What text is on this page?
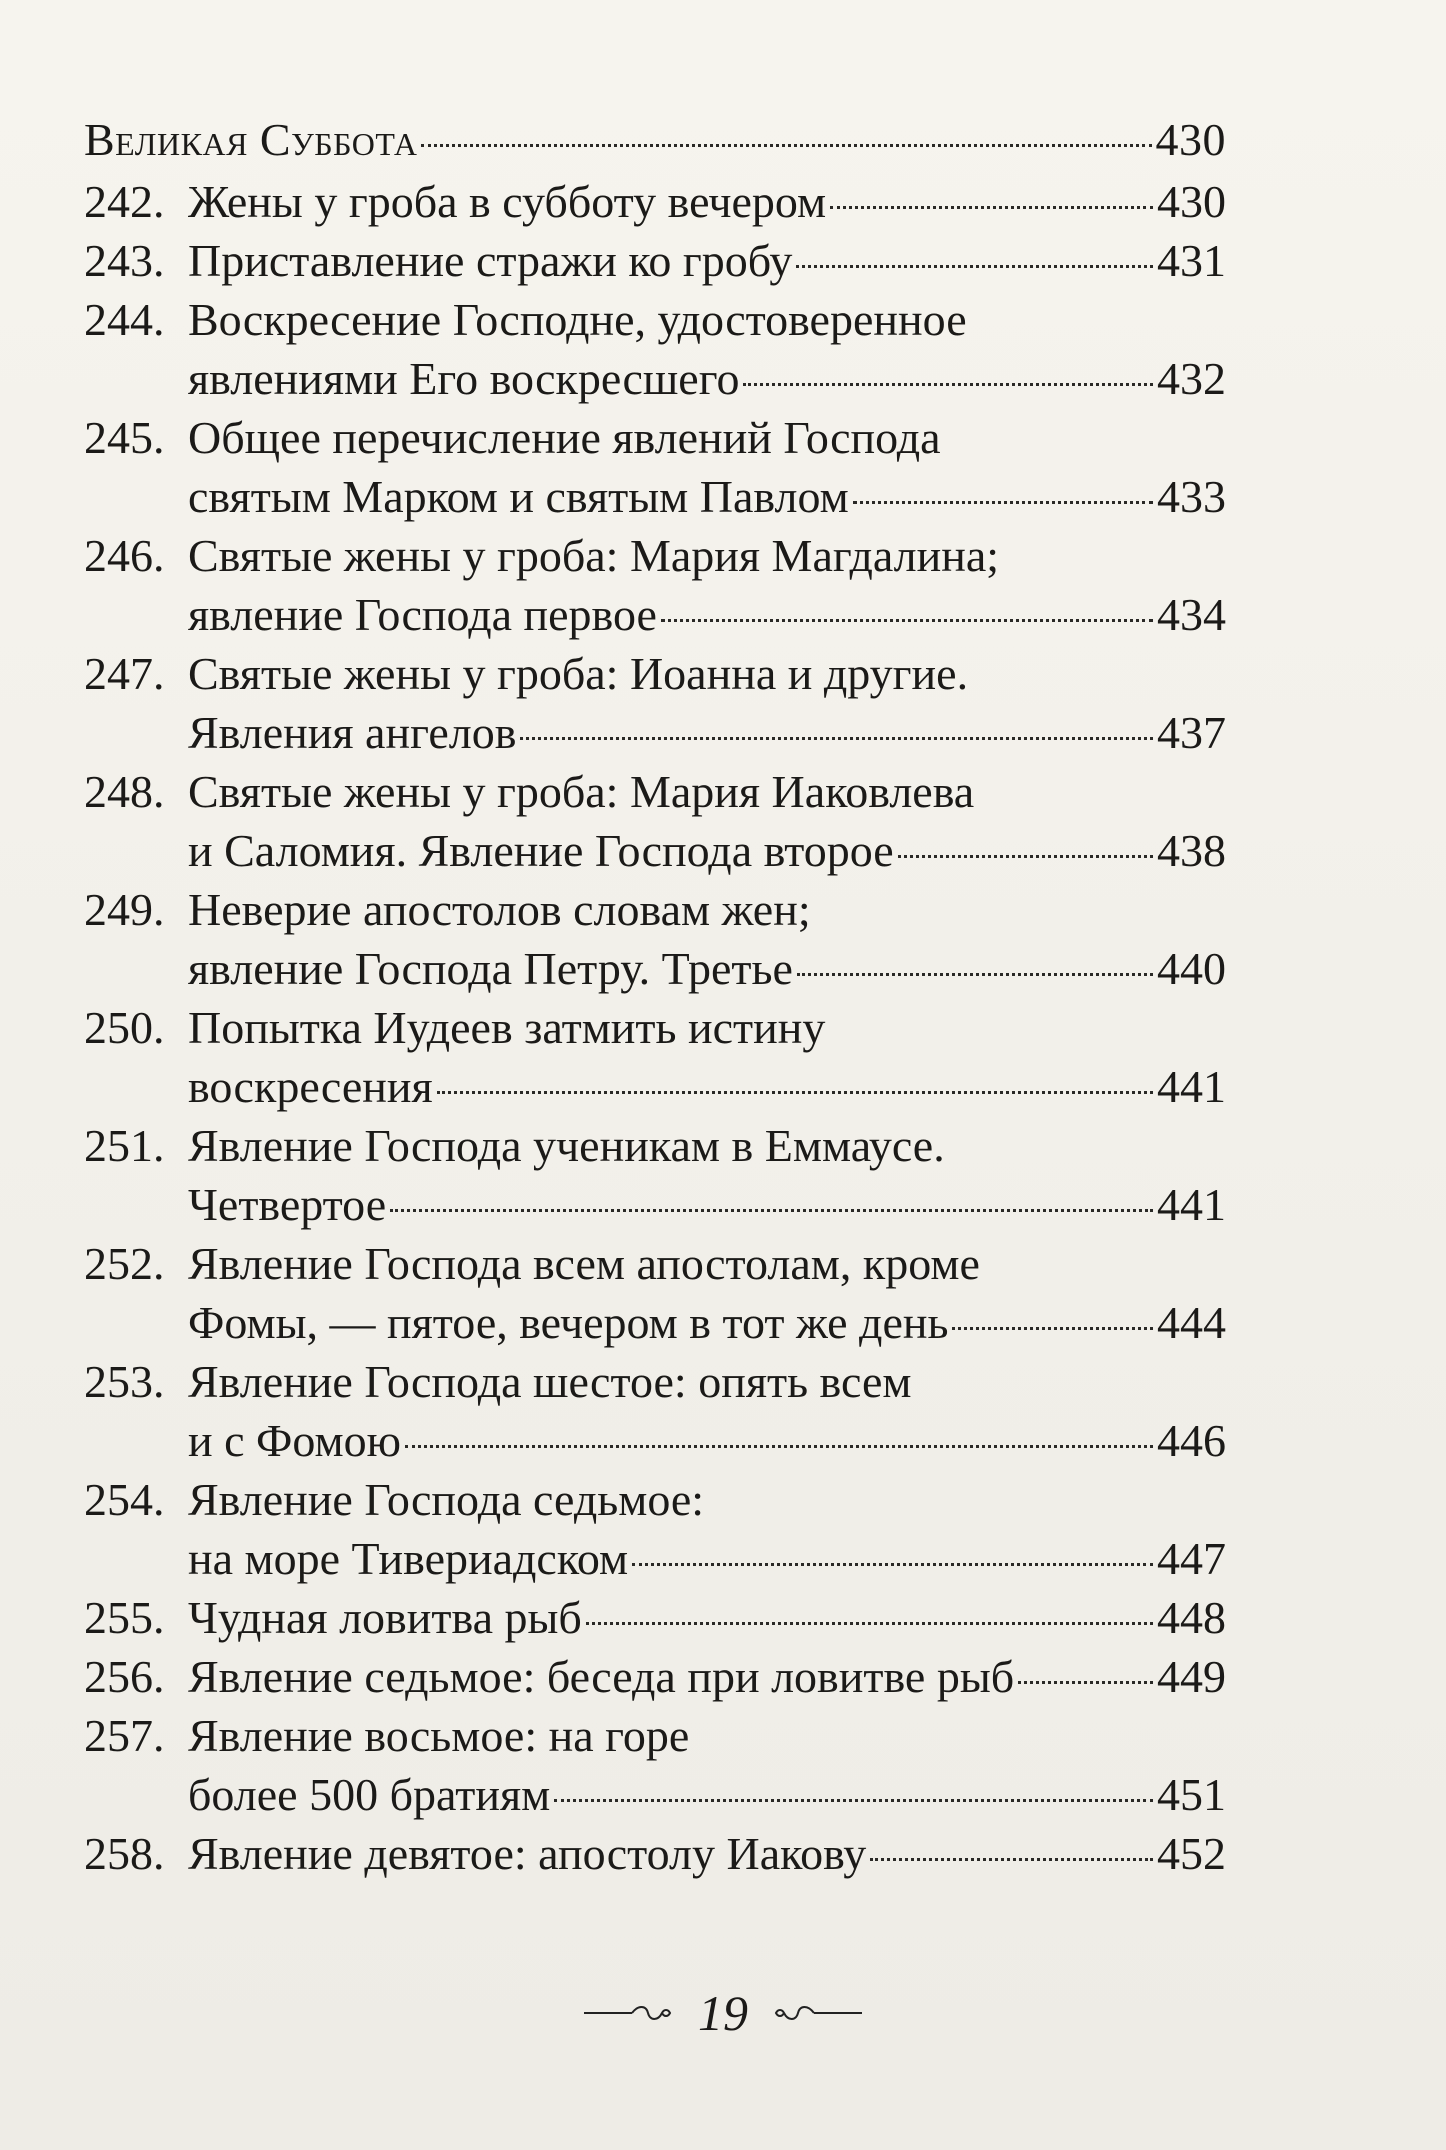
Великая Суббота	430
242. Жены у гроба в субботу вечером	430
243. Приставление стражи ко гробу	431
244. Воскресение Господне, удостоверенное
явлениями Его воскресшего	432
245. Общее перечисление явлений Господа
святым Марком и святым Павлом	433
246. Святые жены у гроба: Мария Магдалина;
явление Господа первое	434
247. Святые жены у гроба: Иоанна и другие.
Явления ангелов	437
248. Святые жены у гроба: Мария Иаковлева
и Саломия. Явление Господа второе	438
249. Неверие апостолов словам жен;
явление Господа Петру. Третье	440
250. Попытка Иудеев затмить истину
воскресения	441
251. Явление Господа ученикам в Еммаусе.
Четвертое	441
252. Явление Господа всем апостолам, кроме
Фомы, — пятое, вечером в тот же день	444
253. Явление Господа шестое: опять всем
и с Фомою	446
254. Явление Господа седьмое:
на море Тивериадском	447
255. Чудная ловитва рыб	448
256. Явление седьмое: беседа при ловитве рыб	449
257. Явление восьмое: на горе
более 500 братиям	451
258. Явление девятое: апостолу Иакову	452
19
